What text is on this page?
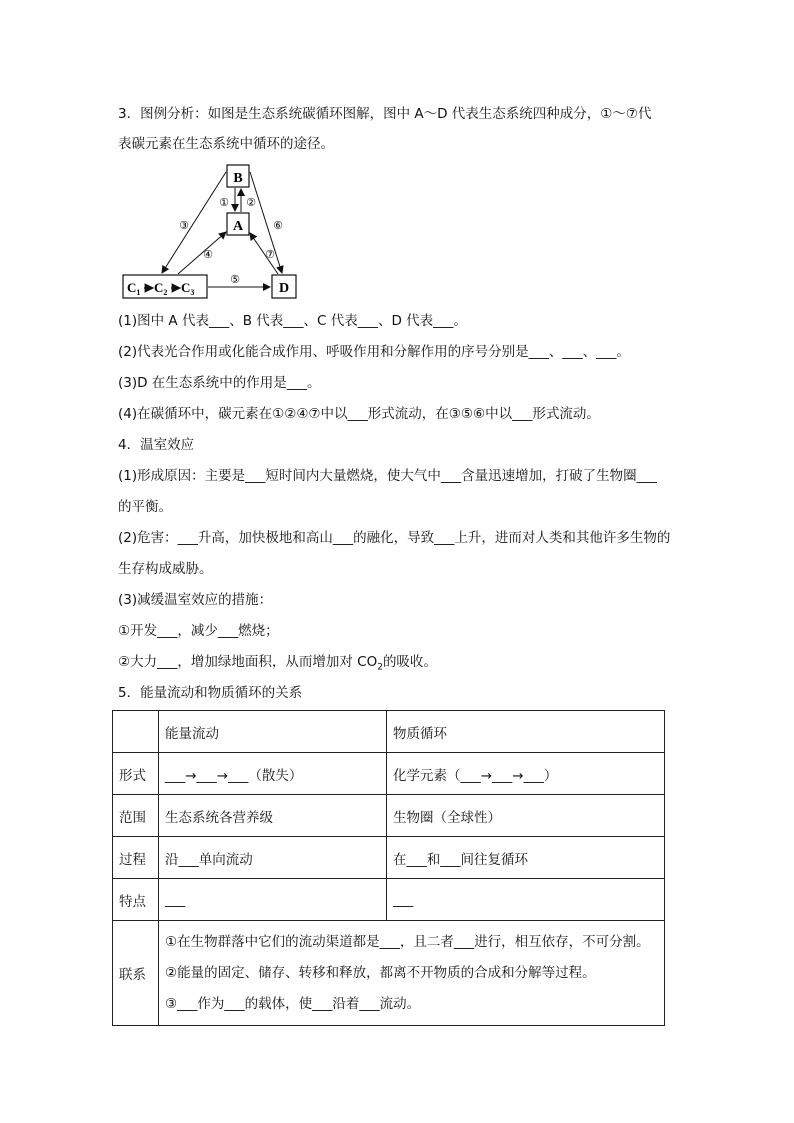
3．图例分析：如图是生态系统碳循环图解，图中 A～D 代表生态系统四种成分，①～⑦代
表碳元素在生态系统中循环的途径。
B
A
D
$C_1$ $C_2$ $C_3$
① ②
③	⑥
④	⑦
⑤
(1)图中 A 代表___、B 代表___、C 代表___、D 代表___。
(2)代表光合作用或化能合成作用、呼吸作用和分解作用的序号分别是___、___、___。
(3)D 在生态系统中的作用是___。
(4)在碳循环中，碳元素在①②④⑦中以___形式流动，在③⑤⑥中以___形式流动。
4．温室效应
(1)形成原因：主要是___短时间内大量燃烧，使大气中___含量迅速增加，打破了生物圈___
的平衡。
(2)危害：___升高，加快极地和高山___的融化，导致___上升，进而对人类和其他许多生物的
生存构成威胁。
(3)减缓温室效应的措施：
①开发___，减少___燃烧；
②大力___，增加绿地面积，从而增加对 $CO_2$的吸收。
5．能量流动和物质循环的关系
	能量流动	物质循环
形式	___→___→___（散失）	化学元素（___→___→___）
范围	生态系统各营养级	生物圈（全球性）
过程	沿___单向流动	在___和___间往复循环
特点	___	___
联系	①在生物群落中它们的流动渠道都是___，且二者___进行，相互依存，不可分割。
②能量的固定、储存、转移和释放，都离不开物质的合成和分解等过程。
③___作为___的载体，使___沿着___流动。	
